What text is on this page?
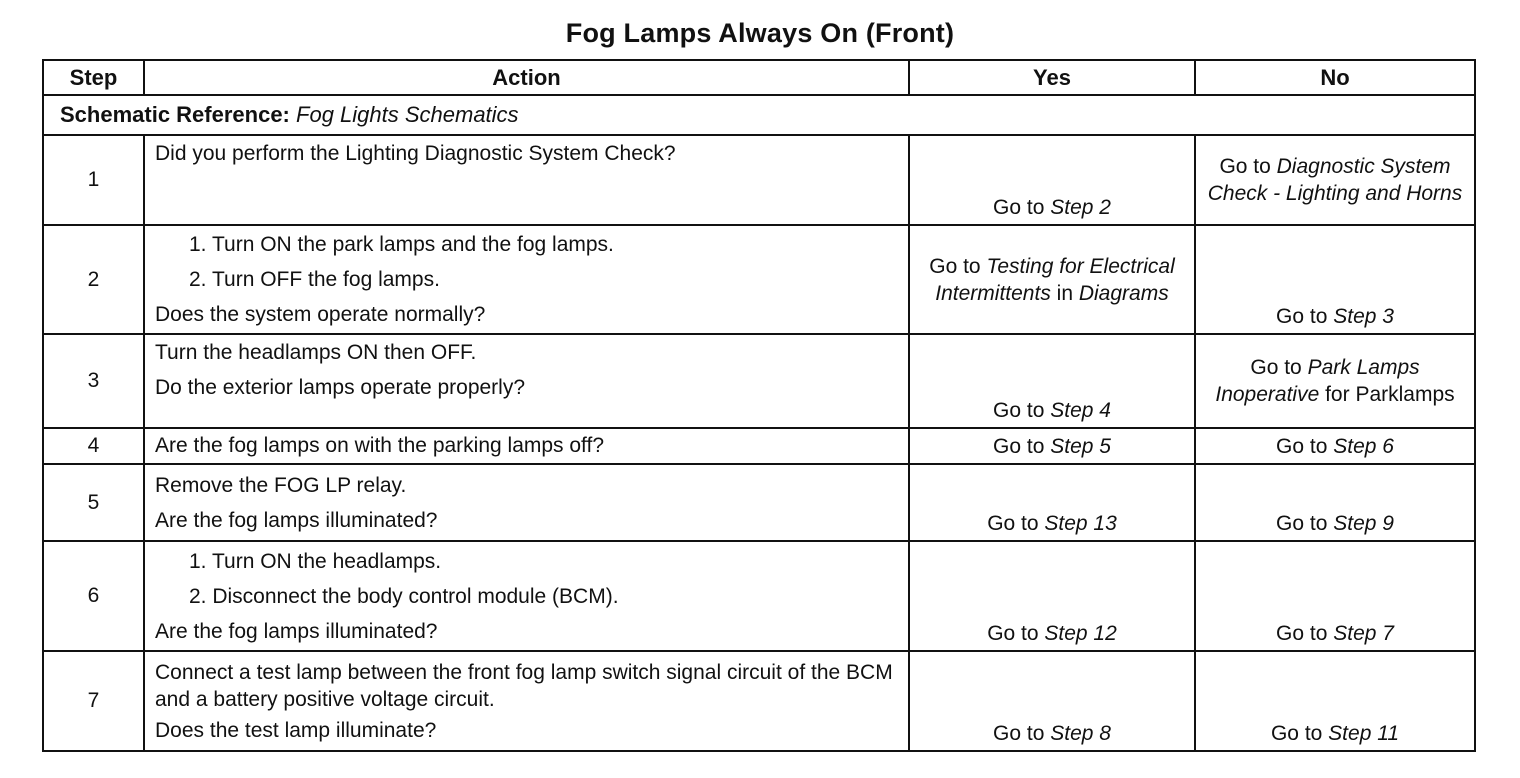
Fog Lamps Always On (Front)
Step	Action	Yes	No
Schematic Reference: Fog Lights Schematics			
1	Did you perform the Lighting Diagnostic System Check?	Go to Step 2	Go to Diagnostic System Check - Lighting and Horns
2	1. Turn ON the park lamps and the fog lamps.
2. Turn OFF the fog lamps.
Does the system operate normally?	Go to Testing for Electrical Intermittents in Diagrams	Go to Step 3
3	Turn the headlamps ON then OFF.
Do the exterior lamps operate properly?	Go to Step 4	Go to Park Lamps Inoperative for Parklamps
4	Are the fog lamps on with the parking lamps off?	Go to Step 5	Go to Step 6
5	Remove the FOG LP relay.
Are the fog lamps illuminated?	Go to Step 13	Go to Step 9
6	1. Turn ON the headlamps.
2. Disconnect the body control module (BCM).
Are the fog lamps illuminated?	Go to Step 12	Go to Step 7
7	Connect a test lamp between the front fog lamp switch signal circuit of the BCM and a battery positive voltage circuit.
Does the test lamp illuminate?	Go to Step 8	Go to Step 11
